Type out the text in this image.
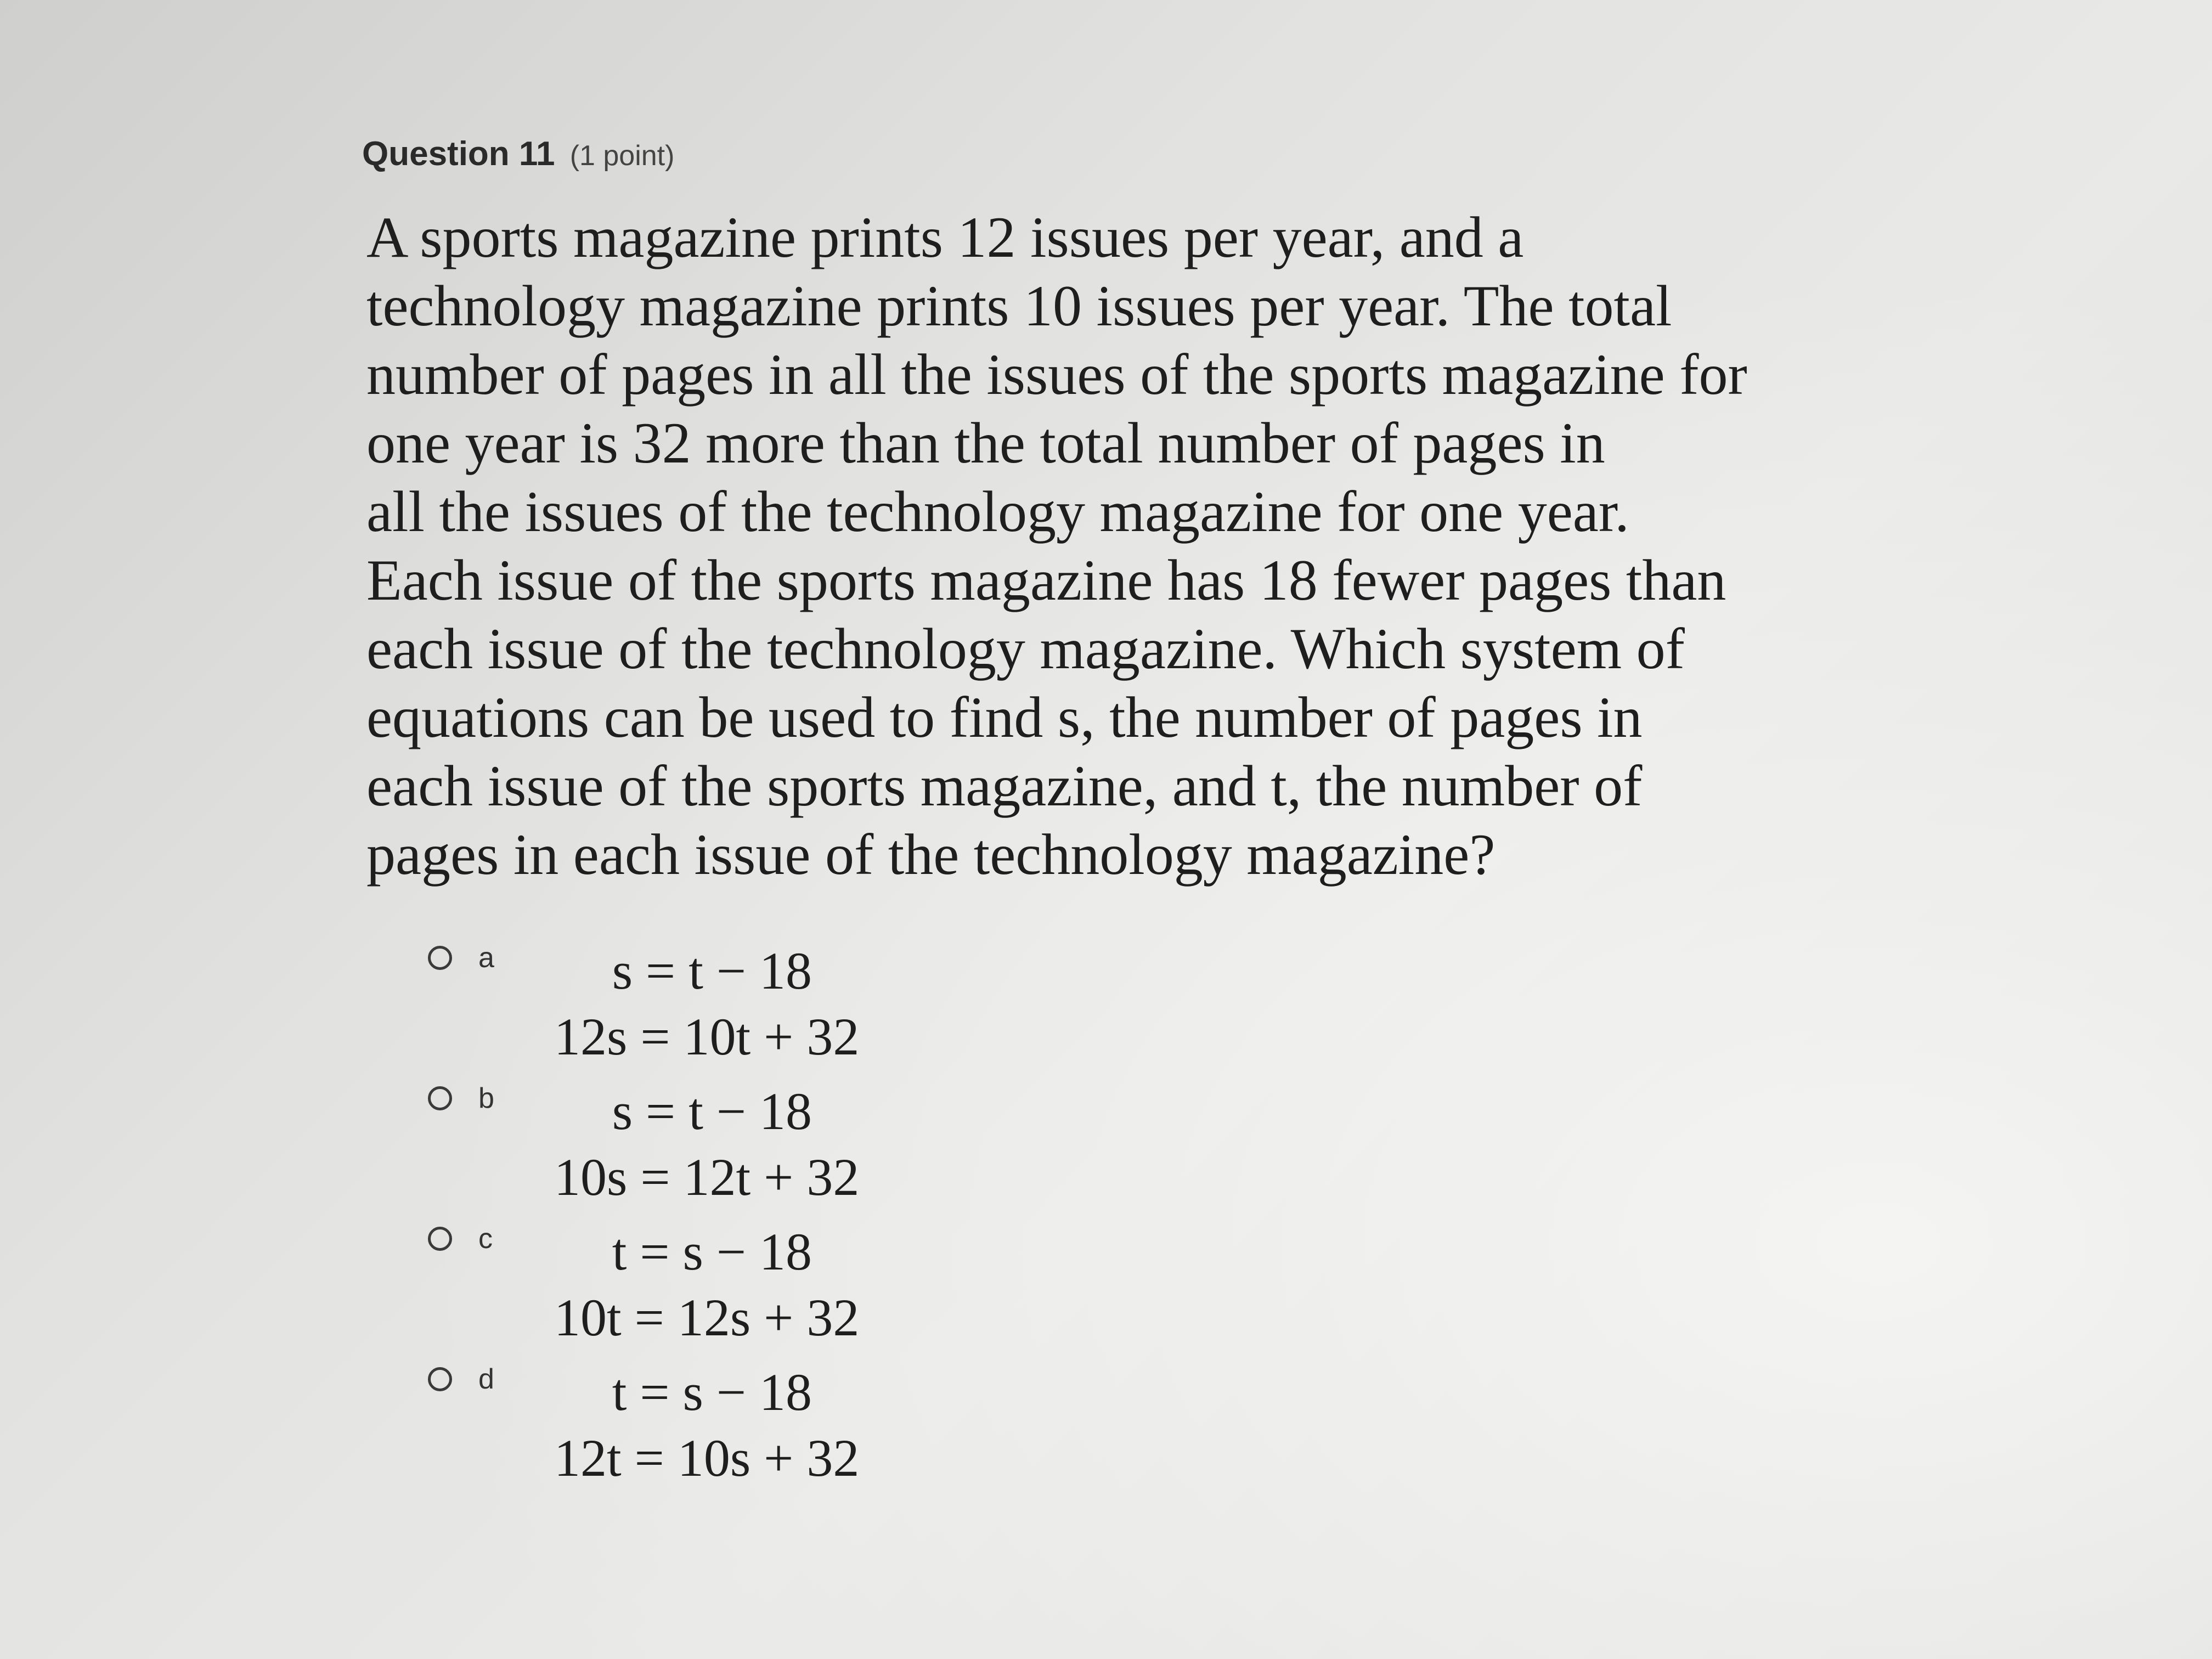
Question 11 (1 point)
A sports magazine prints 12 issues per year, and a
technology magazine prints 10 issues per year. The total
number of pages in all the issues of the sports magazine for
one year is 32 more than the total number of pages in
all the issues of the technology magazine for one year.
Each issue of the sports magazine has 18 fewer pages than
each issue of the technology magazine. Which system of
equations can be used to find s, the number of pages in
each issue of the sports magazine, and t, the number of
pages in each issue of the technology magazine?
a	s = t − 18
12s = 10t + 32
b	s = t − 18
10s = 12t + 32
c	t = s − 18
10t = 12s + 32
d	t = s − 18
12t = 10s + 32
